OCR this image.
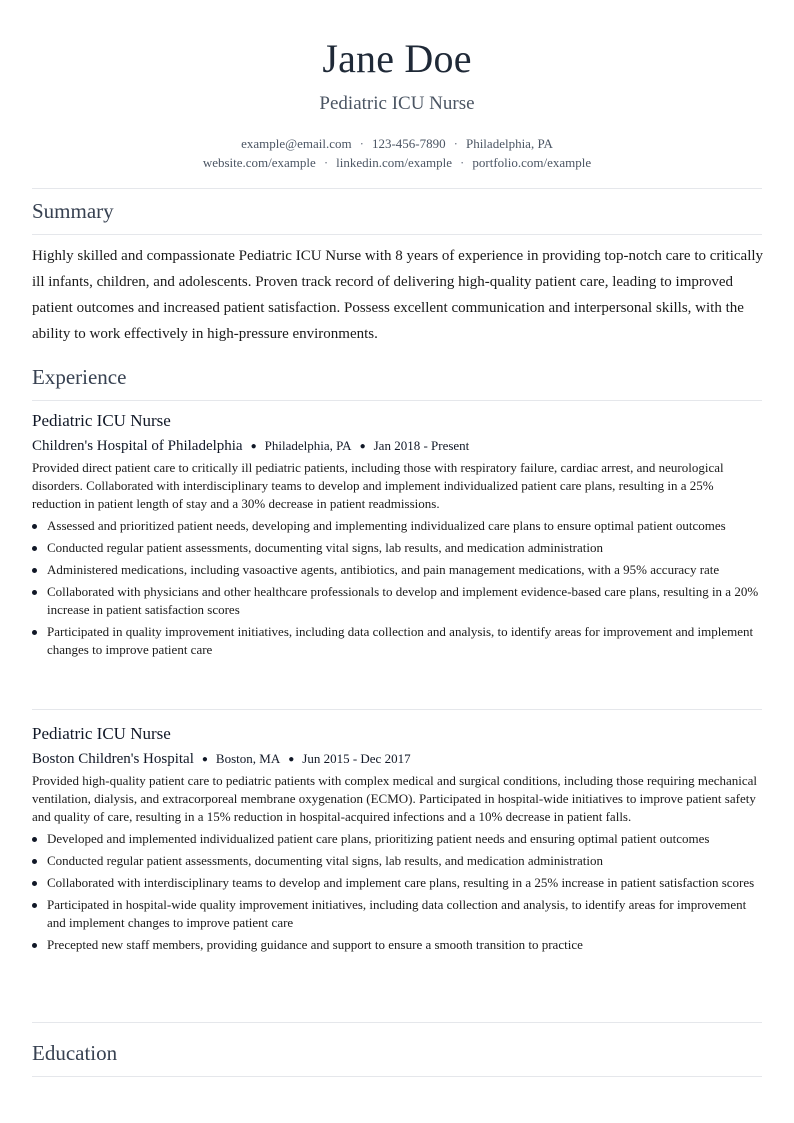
Jane Doe
Pediatric ICU Nurse
example@email.com · 123-456-7890 · Philadelphia, PA
website.com/example · linkedin.com/example · portfolio.com/example
Summary
Highly skilled and compassionate Pediatric ICU Nurse with 8 years of experience in providing top-notch care to critically ill infants, children, and adolescents. Proven track record of delivering high-quality patient care, leading to improved patient outcomes and increased patient satisfaction. Possess excellent communication and interpersonal skills, with the ability to work effectively in high-pressure environments.
Experience
Pediatric ICU Nurse
Children's Hospital of Philadelphia ● Philadelphia, PA ● Jan 2018 - Present
Provided direct patient care to critically ill pediatric patients, including those with respiratory failure, cardiac arrest, and neurological disorders. Collaborated with interdisciplinary teams to develop and implement individualized patient care plans, resulting in a 25% reduction in patient length of stay and a 30% decrease in patient readmissions.
Assessed and prioritized patient needs, developing and implementing individualized care plans to ensure optimal patient outcomes
Conducted regular patient assessments, documenting vital signs, lab results, and medication administration
Administered medications, including vasoactive agents, antibiotics, and pain management medications, with a 95% accuracy rate
Collaborated with physicians and other healthcare professionals to develop and implement evidence-based care plans, resulting in a 20% increase in patient satisfaction scores
Participated in quality improvement initiatives, including data collection and analysis, to identify areas for improvement and implement changes to improve patient care
Pediatric ICU Nurse
Boston Children's Hospital ● Boston, MA ● Jun 2015 - Dec 2017
Provided high-quality patient care to pediatric patients with complex medical and surgical conditions, including those requiring mechanical ventilation, dialysis, and extracorporeal membrane oxygenation (ECMO). Participated in hospital-wide initiatives to improve patient safety and quality of care, resulting in a 15% reduction in hospital-acquired infections and a 10% decrease in patient falls.
Developed and implemented individualized patient care plans, prioritizing patient needs and ensuring optimal patient outcomes
Conducted regular patient assessments, documenting vital signs, lab results, and medication administration
Collaborated with interdisciplinary teams to develop and implement care plans, resulting in a 25% increase in patient satisfaction scores
Participated in hospital-wide quality improvement initiatives, including data collection and analysis, to identify areas for improvement and implement changes to improve patient care
Precepted new staff members, providing guidance and support to ensure a smooth transition to practice
Education
